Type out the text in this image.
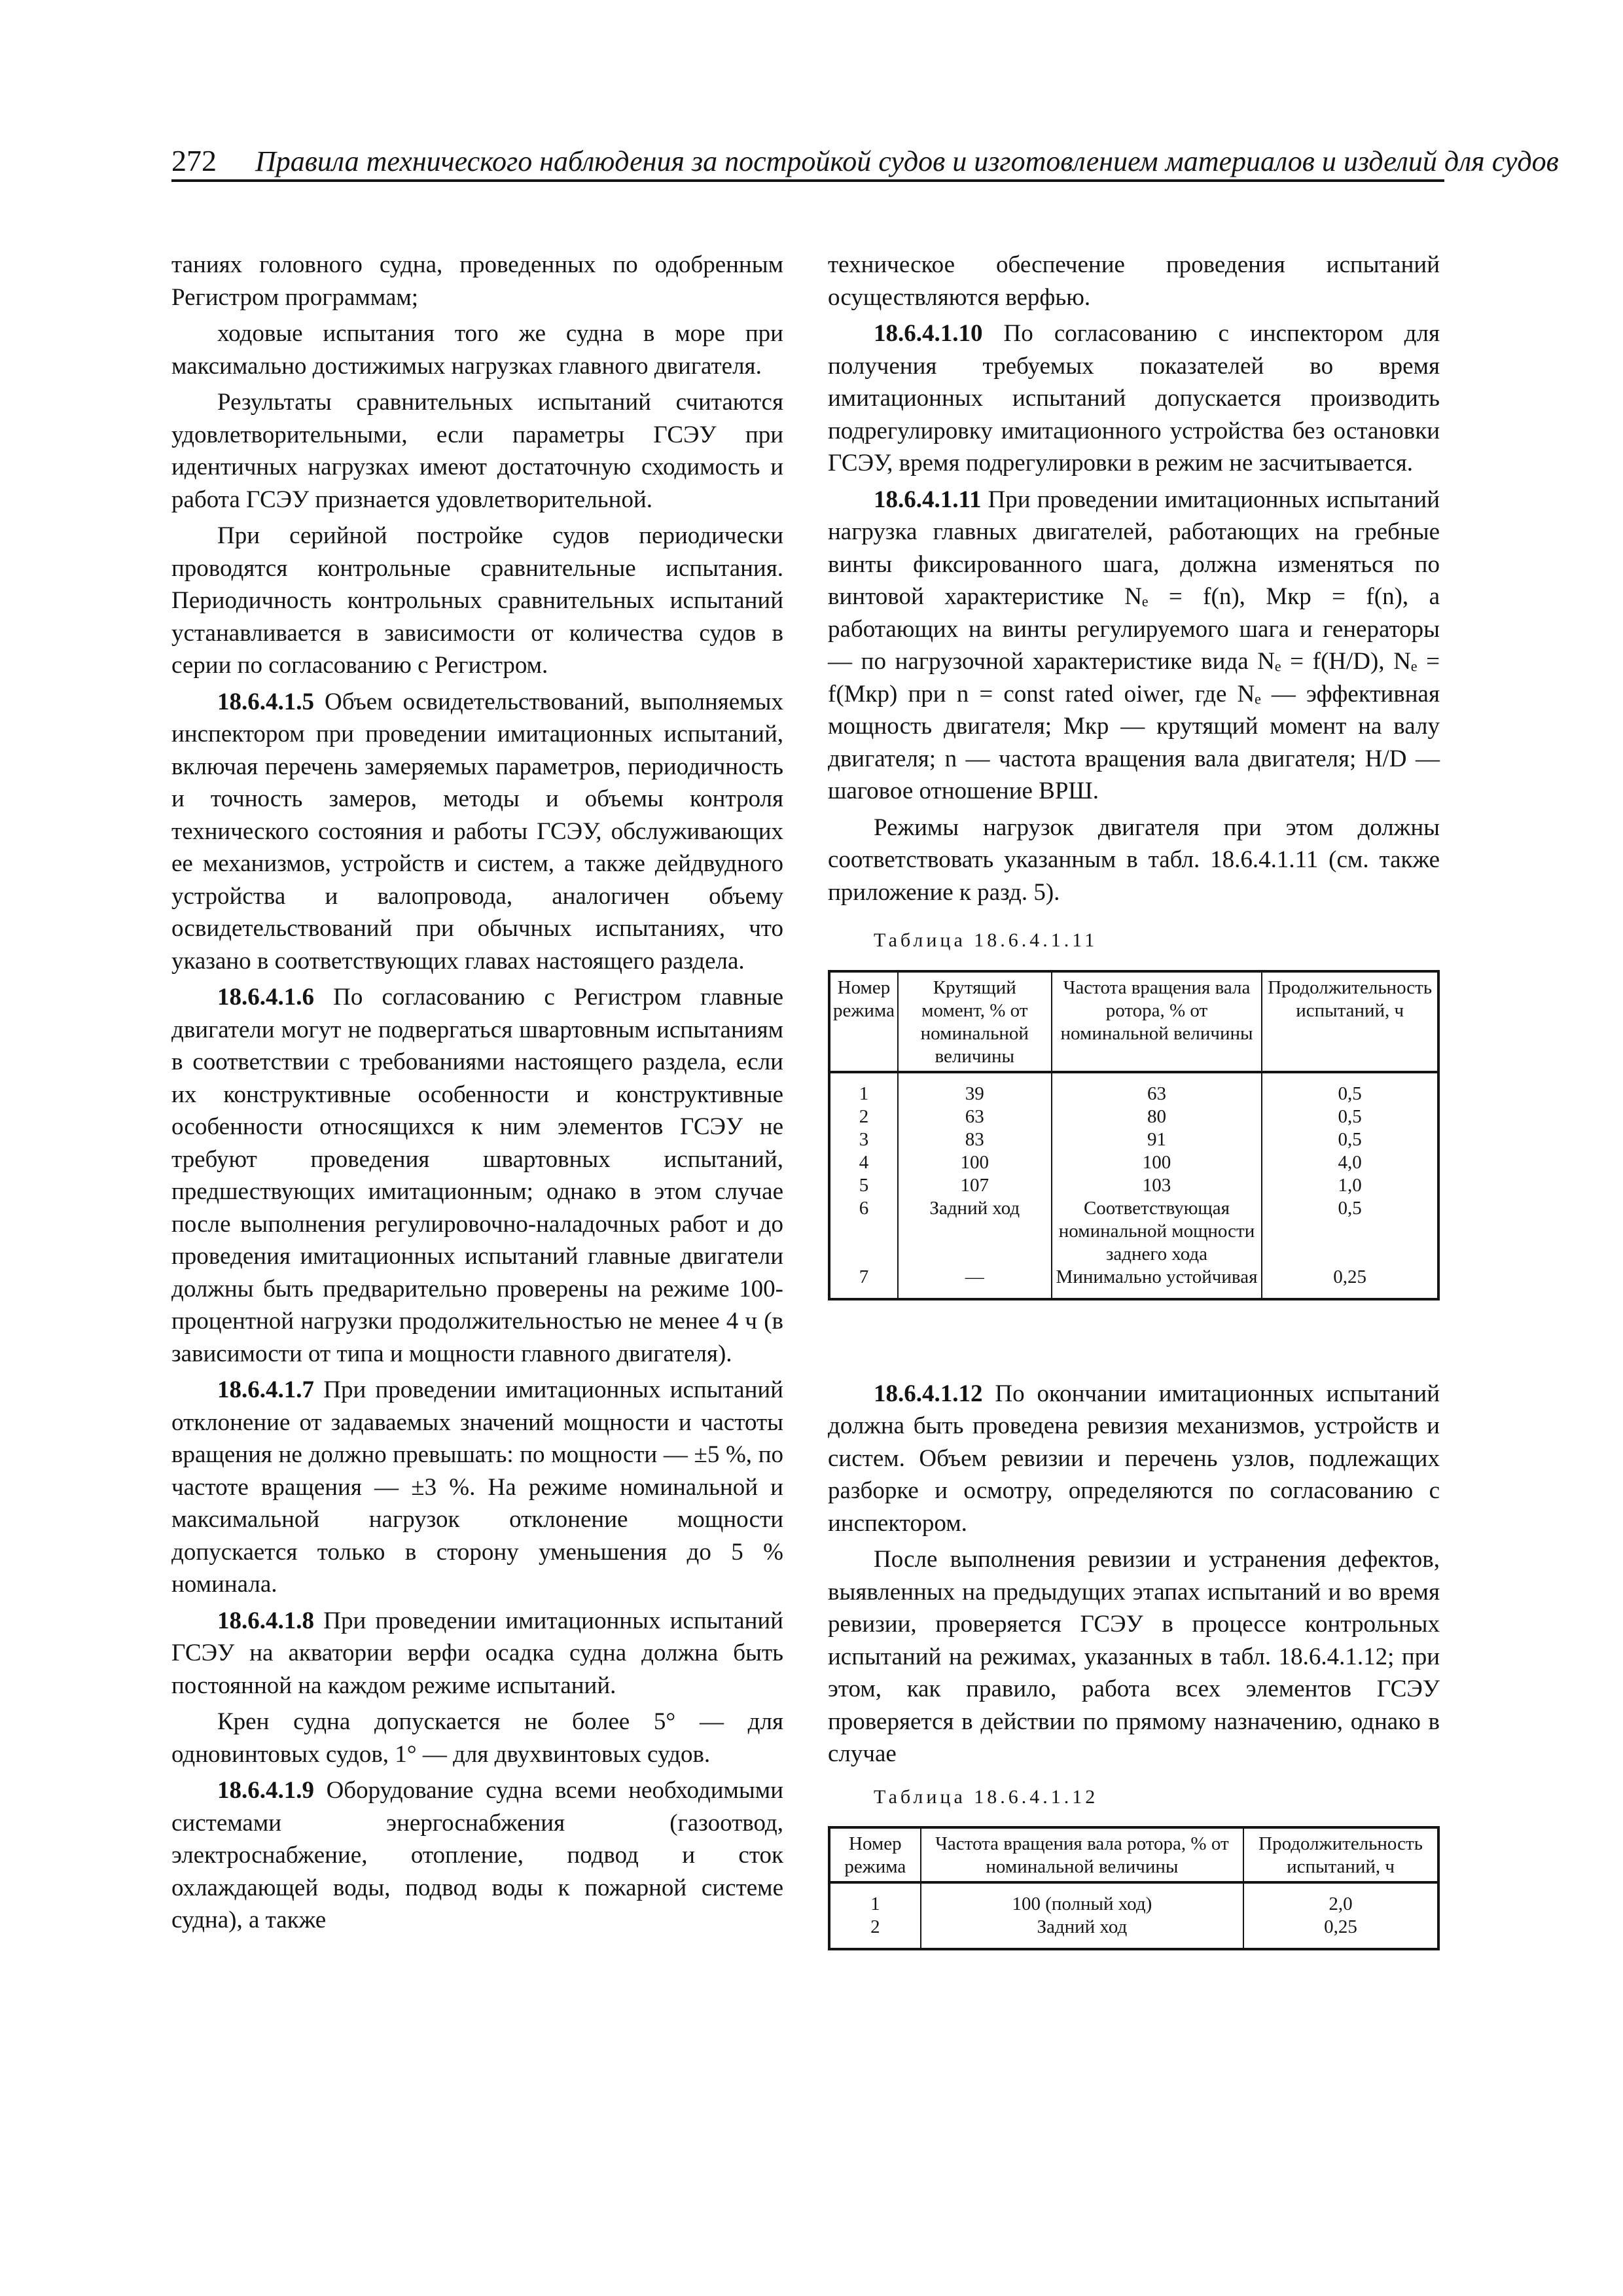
272 Правила технического наблюдения за постройкой судов и изготовлением материалов и изделий для судов

таниях головного судна, проведенных по одобренным Регистром программам;

ходовые испытания того же судна в море при максимально достижимых нагрузках главного двигателя.

Результаты сравнительных испытаний считаются удовлетворительными, если параметры ГСЭУ при идентичных нагрузках имеют достаточную сходимость и работа ГСЭУ признается удовлетворительной.

При серийной постройке судов периодически проводятся контрольные сравнительные испытания. Периодичность контрольных сравнительных испытаний устанавливается в зависимости от количества судов в серии по согласованию с Регистром.

18.6.4.1.5 Объем освидетельствований, выполняемых инспектором при проведении имитационных испытаний, включая перечень замеряемых параметров, периодичность и точность замеров, методы и объемы контроля технического состояния и работы ГСЭУ, обслуживающих ее механизмов, устройств и систем, а также дейдвудного устройства и валопровода, аналогичен объему освидетельствований при обычных испытаниях, что указано в соответствующих главах настоящего раздела.

18.6.4.1.6 По согласованию с Регистром главные двигатели могут не подвергаться швартовным испытаниям в соответствии с требованиями настоящего раздела, если их конструктивные особенности и конструктивные особенности относящихся к ним элементов ГСЭУ не требуют проведения швартовных испытаний, предшествующих имитационным; однако в этом случае после выполнения регулировочно-наладочных работ и до проведения имитационных испытаний главные двигатели должны быть предварительно проверены на режиме 100-процентной нагрузки продолжительностью не менее 4 ч (в зависимости от типа и мощности главного двигателя).

18.6.4.1.7 При проведении имитационных испытаний отклонение от задаваемых значений мощности и частоты вращения не должно превышать: по мощности — ±5 %, по частоте вращения — ±3 %. На режиме номинальной и максимальной нагрузок отклонение мощности допускается только в сторону уменьшения до 5 % номинала.

18.6.4.1.8 При проведении имитационных испытаний ГСЭУ на акватории верфи осадка судна должна быть постоянной на каждом режиме испытаний.

Крен судна допускается не более 5° — для одновинтовых судов, 1° — для двухвинтовых судов.

18.6.4.1.9 Оборудование судна всеми необходимыми системами энергоснабжения (газоотвод, электроснабжение, отопление, подвод и сток охлаждающей воды, подвод воды к пожарной системе судна), а также

техническое обеспечение проведения испытаний осуществляются верфью.

18.6.4.1.10 По согласованию с инспектором для получения требуемых показателей во время имитационных испытаний допускается производить подрегулировку имитационного устройства без остановки ГСЭУ, время подрегулировки в режим не засчитывается.

18.6.4.1.11 При проведении имитационных испытаний нагрузка главных двигателей, работающих на гребные винты фиксированного шага, должна изменяться по винтовой характеристике Nₑ = f(n), Mкр = f(n), а работающих на винты регулируемого шага и генераторы — по нагрузочной характеристике вида Nₑ = f(H/D), Nₑ = f(Mкр) при n = const rated oiwer, где Nₑ — эффективная мощность двигателя; Mкр — крутящий момент на валу двигателя; n — частота вращения вала двигателя; H/D — шаговое отношение ВРШ.

Режимы нагрузок двигателя при этом должны соответствовать указанным в табл. 18.6.4.1.11 (см. также приложение к разд. 5).

Таблица 18.6.4.1.11

Номер режима	Крутящий момент, % от номинальной величины	Частота вращения вала ротора, % от номинальной величины	Продолжительность испытаний, ч
1	39	63	0,5
2	63	80	0,5
3	83	91	0,5
4	100	100	4,0
5	107	103	1,0
6	Задний ход	Соответствующая номинальной мощности заднего хода	0,5
7	—	Минимально устойчивая	0,25

18.6.4.1.12 По окончании имитационных испытаний должна быть проведена ревизия механизмов, устройств и систем. Объем ревизии и перечень узлов, подлежащих разборке и осмотру, определяются по согласованию с инспектором.

После выполнения ревизии и устранения дефектов, выявленных на предыдущих этапах испытаний и во время ревизии, проверяется ГСЭУ в процессе контрольных испытаний на режимах, указанных в табл. 18.6.4.1.12; при этом, как правило, работа всех элементов ГСЭУ проверяется в действии по прямому назначению, однако в случае

Таблица 18.6.4.1.12

Номер режима	Частота вращения вала ротора, % от номинальной величины	Продолжительность испытаний, ч
1	100 (полный ход)	2,0
2	Задний ход	0,25
